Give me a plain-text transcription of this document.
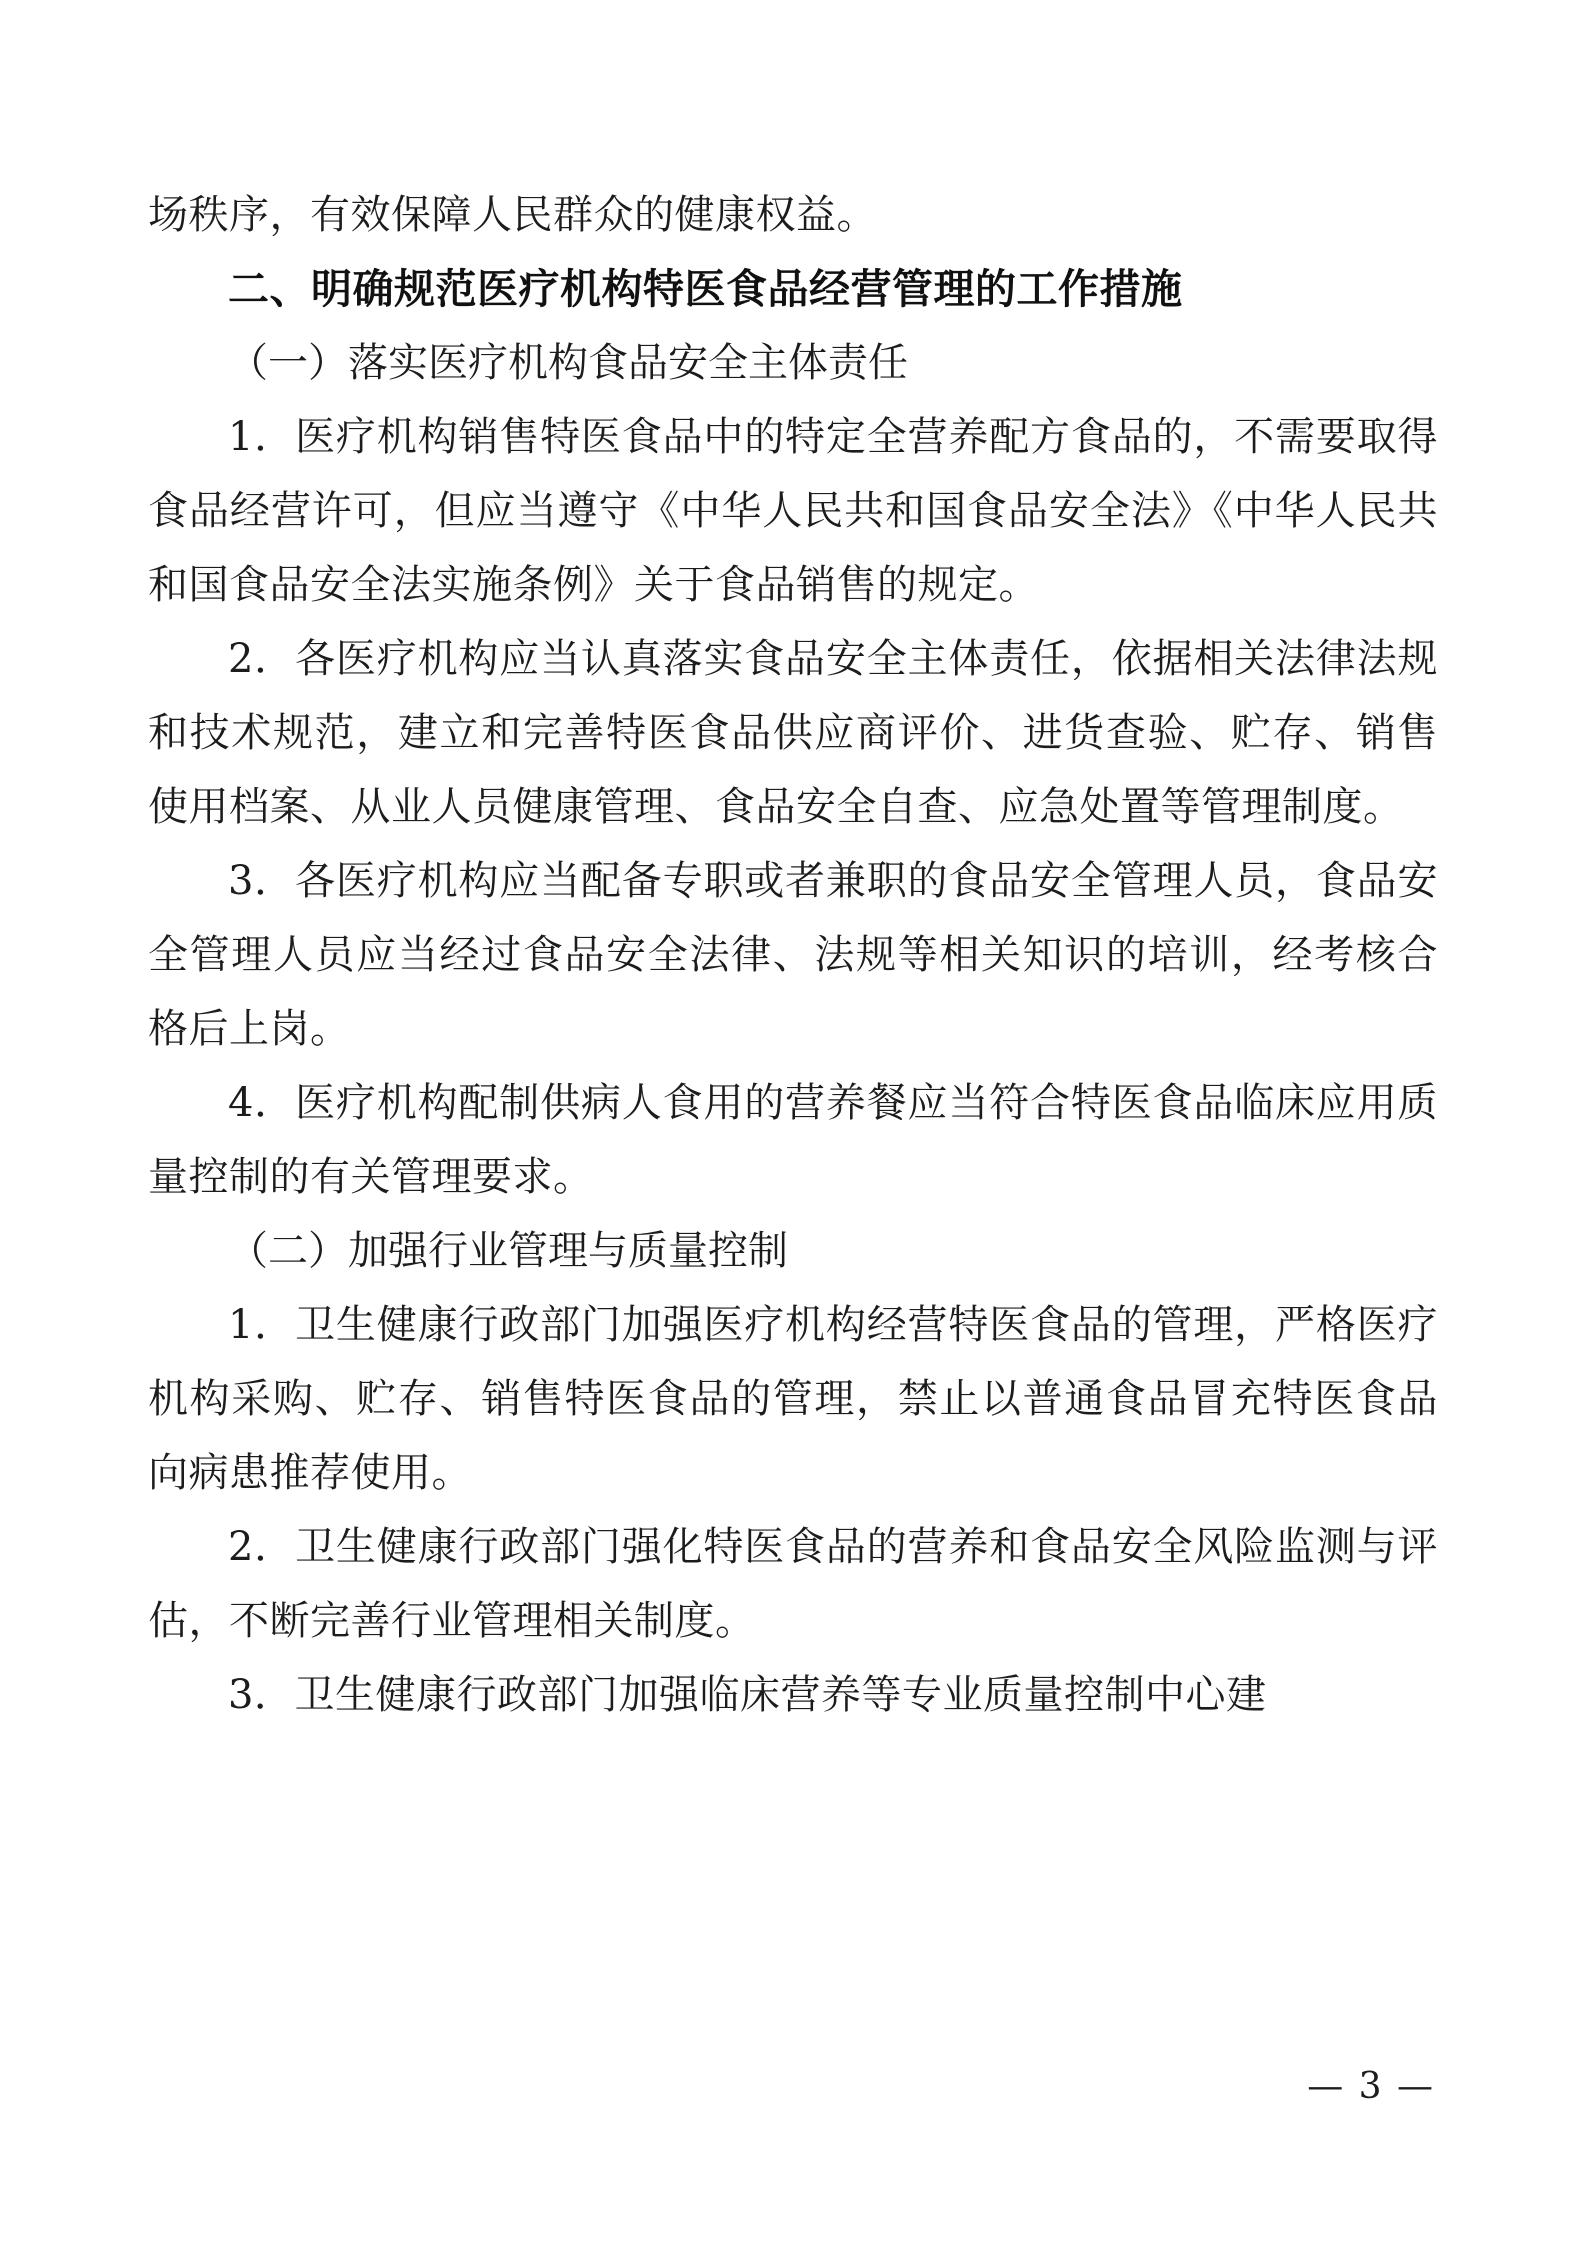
场秩序，有效保障人民群众的健康权益。

二、明确规范医疗机构特医食品经营管理的工作措施

（一）落实医疗机构食品安全主体责任

1．医疗机构销售特医食品中的特定全营养配方食品的，不需要取得食品经营许可，但应当遵守《中华人民共和国食品安全法》《中华人民共和国食品安全法实施条例》关于食品销售的规定。

2．各医疗机构应当认真落实食品安全主体责任，依据相关法律法规和技术规范，建立和完善特医食品供应商评价、进货查验、贮存、销售使用档案、从业人员健康管理、食品安全自查、应急处置等管理制度。

3．各医疗机构应当配备专职或者兼职的食品安全管理人员，食品安全管理人员应当经过食品安全法律、法规等相关知识的培训，经考核合格后上岗。

4．医疗机构配制供病人食用的营养餐应当符合特医食品临床应用质量控制的有关管理要求。

（二）加强行业管理与质量控制

1．卫生健康行政部门加强医疗机构经营特医食品的管理，严格医疗机构采购、贮存、销售特医食品的管理，禁止以普通食品冒充特医食品向病患推荐使用。

2．卫生健康行政部门强化特医食品的营养和食品安全风险监测与评估，不断完善行业管理相关制度。

3．卫生健康行政部门加强临床营养等专业质量控制中心建

— 3 —
